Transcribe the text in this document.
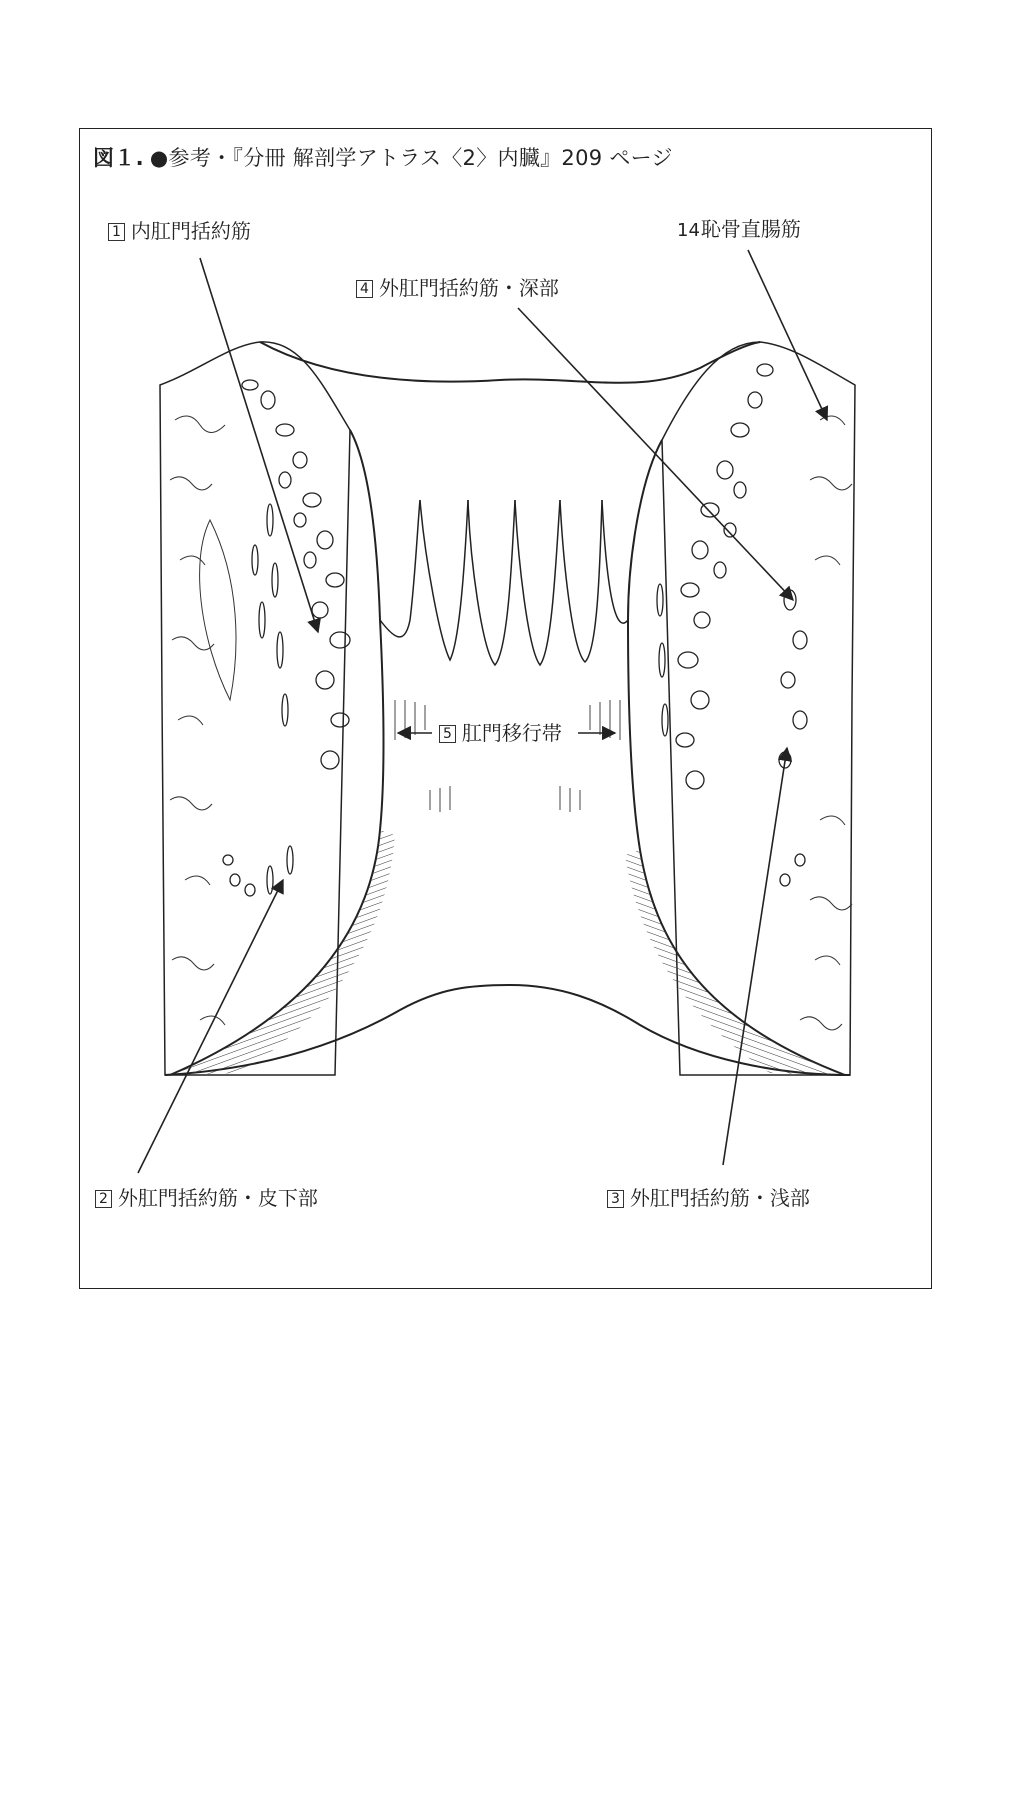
図１. ●参考・『分冊 解剖学アトラス〈2〉内臓』209 ページ
1 内肛門括約筋	14恥骨直腸筋
4 外肛門括約筋・深部
5 肛門移行帯
2 外肛門括約筋・皮下部	3 外肛門括約筋・浅部
